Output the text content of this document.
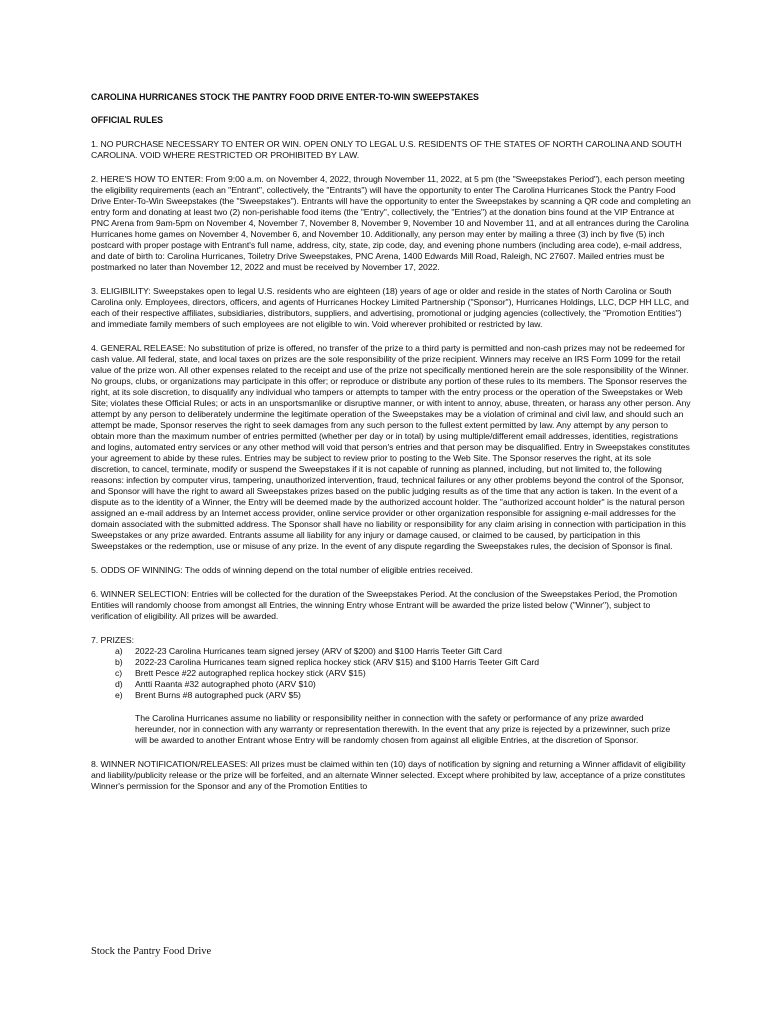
CAROLINA HURRICANES STOCK THE PANTRY FOOD DRIVE ENTER-TO-WIN SWEEPSTAKES

OFFICIAL RULES

1. NO PURCHASE NECESSARY TO ENTER OR WIN. OPEN ONLY TO LEGAL U.S. RESIDENTS OF THE STATES OF NORTH CAROLINA AND SOUTH CAROLINA. VOID WHERE RESTRICTED OR PROHIBITED BY LAW.

2. HERE'S HOW TO ENTER: From 9:00 a.m. on November 4, 2022, through November 11, 2022, at 5 pm (the "Sweepstakes Period"), each person meeting the eligibility requirements (each an "Entrant", collectively, the "Entrants") will have the opportunity to enter The Carolina Hurricanes Stock the Pantry Food Drive Enter-To-Win Sweepstakes (the "Sweepstakes"). Entrants will have the opportunity to enter the Sweepstakes by scanning a QR code and completing an entry form and donating at least two (2) non-perishable food items (the "Entry", collectively, the "Entries") at the donation bins found at the VIP Entrance at PNC Arena from 9am-5pm on November 4, November 7, November 8, November 9, November 10 and November 11, and at all entrances during the Carolina Hurricanes home games on November 4, November 6, and November 10. Additionally, any person may enter by mailing a three (3) inch by five (5) inch postcard with proper postage with Entrant's full name, address, city, state, zip code, day, and evening phone numbers (including area code), e-mail address, and date of birth to: Carolina Hurricanes, Toiletry Drive Sweepstakes, PNC Arena, 1400 Edwards Mill Road, Raleigh, NC 27607. Mailed entries must be postmarked no later than November 12, 2022 and must be received by November 17, 2022.

3. ELIGIBILITY: Sweepstakes open to legal U.S. residents who are eighteen (18) years of age or older and reside in the states of North Carolina or South Carolina only. Employees, directors, officers, and agents of Hurricanes Hockey Limited Partnership ("Sponsor"), Hurricanes Holdings, LLC, DCP HH LLC, and each of their respective affiliates, subsidiaries, distributors, suppliers, and advertising, promotional or judging agencies (collectively, the "Promotion Entities") and immediate family members of such employees are not eligible to win. Void wherever prohibited or restricted by law.

4. GENERAL RELEASE: No substitution of prize is offered, no transfer of the prize to a third party is permitted and non-cash prizes may not be redeemed for cash value. All federal, state, and local taxes on prizes are the sole responsibility of the prize recipient. Winners may receive an IRS Form 1099 for the retail value of the prize won. All other expenses related to the receipt and use of the prize not specifically mentioned herein are the sole responsibility of the Winner. No groups, clubs, or organizations may participate in this offer; or reproduce or distribute any portion of these rules to its members. The Sponsor reserves the right, at its sole discretion, to disqualify any individual who tampers or attempts to tamper with the entry process or the operation of the Sweepstakes or Web Site; violates these Official Rules; or acts in an unsportsmanlike or disruptive manner, or with intent to annoy, abuse, threaten, or harass any other person. Any attempt by any person to deliberately undermine the legitimate operation of the Sweepstakes may be a violation of criminal and civil law, and should such an attempt be made, Sponsor reserves the right to seek damages from any such person to the fullest extent permitted by law. Any attempt by any person to obtain more than the maximum number of entries permitted (whether per day or in total) by using multiple/different email addresses, identities, registrations and logins, automated entry services or any other method will void that person's entries and that person may be disqualified. Entry in Sweepstakes constitutes your agreement to abide by these rules. Entries may be subject to review prior to posting to the Web Site. The Sponsor reserves the right, at its sole discretion, to cancel, terminate, modify or suspend the Sweepstakes if it is not capable of running as planned, including, but not limited to, the following reasons: infection by computer virus, tampering, unauthorized intervention, fraud, technical failures or any other problems beyond the control of the Sponsor, and Sponsor will have the right to award all Sweepstakes prizes based on the public judging results as of the time that any action is taken. In the event of a dispute as to the identity of a Winner, the Entry will be deemed made by the authorized account holder. The "authorized account holder" is the natural person assigned an e-mail address by an Internet access provider, online service provider or other organization responsible for assigning e-mail addresses for the domain associated with the submitted address. The Sponsor shall have no liability or responsibility for any claim arising in connection with participation in this Sweepstakes or any prize awarded. Entrants assume all liability for any injury or damage caused, or claimed to be caused, by participation in this Sweepstakes or the redemption, use or misuse of any prize. In the event of any dispute regarding the Sweepstakes rules, the decision of Sponsor is final.

5. ODDS OF WINNING: The odds of winning depend on the total number of eligible entries received.

6. WINNER SELECTION: Entries will be collected for the duration of the Sweepstakes Period. At the conclusion of the Sweepstakes Period, the Promotion Entities will randomly choose from amongst all Entries, the winning Entry whose Entrant will be awarded the prize listed below ("Winner"), subject to verification of eligibility. All prizes will be awarded.

7. PRIZES:
a)	2022-23 Carolina Hurricanes team signed jersey (ARV of $200) and $100 Harris Teeter Gift Card
b)	2022-23 Carolina Hurricanes team signed replica hockey stick (ARV $15) and $100 Harris Teeter Gift Card
c)	Brett Pesce #22 autographed replica hockey stick (ARV $15)
d)	Antti Raanta #32 autographed photo (ARV $10)
e)	Brent Burns #8 autographed puck (ARV $5)

The Carolina Hurricanes assume no liability or responsibility neither in connection with the safety or performance of any prize awarded hereunder, nor in connection with any warranty or representation therewith. In the event that any prize is rejected by a prizewinner, such prize will be awarded to another Entrant whose Entry will be randomly chosen from against all eligible Entries, at the discretion of Sponsor.

8. WINNER NOTIFICATION/RELEASES: All prizes must be claimed within ten (10) days of notification by signing and returning a Winner affidavit of eligibility and liability/publicity release or the prize will be forfeited, and an alternate Winner selected. Except where prohibited by law, acceptance of a prize constitutes Winner's permission for the Sponsor and any of the Promotion Entities to

Stock the Pantry Food Drive
